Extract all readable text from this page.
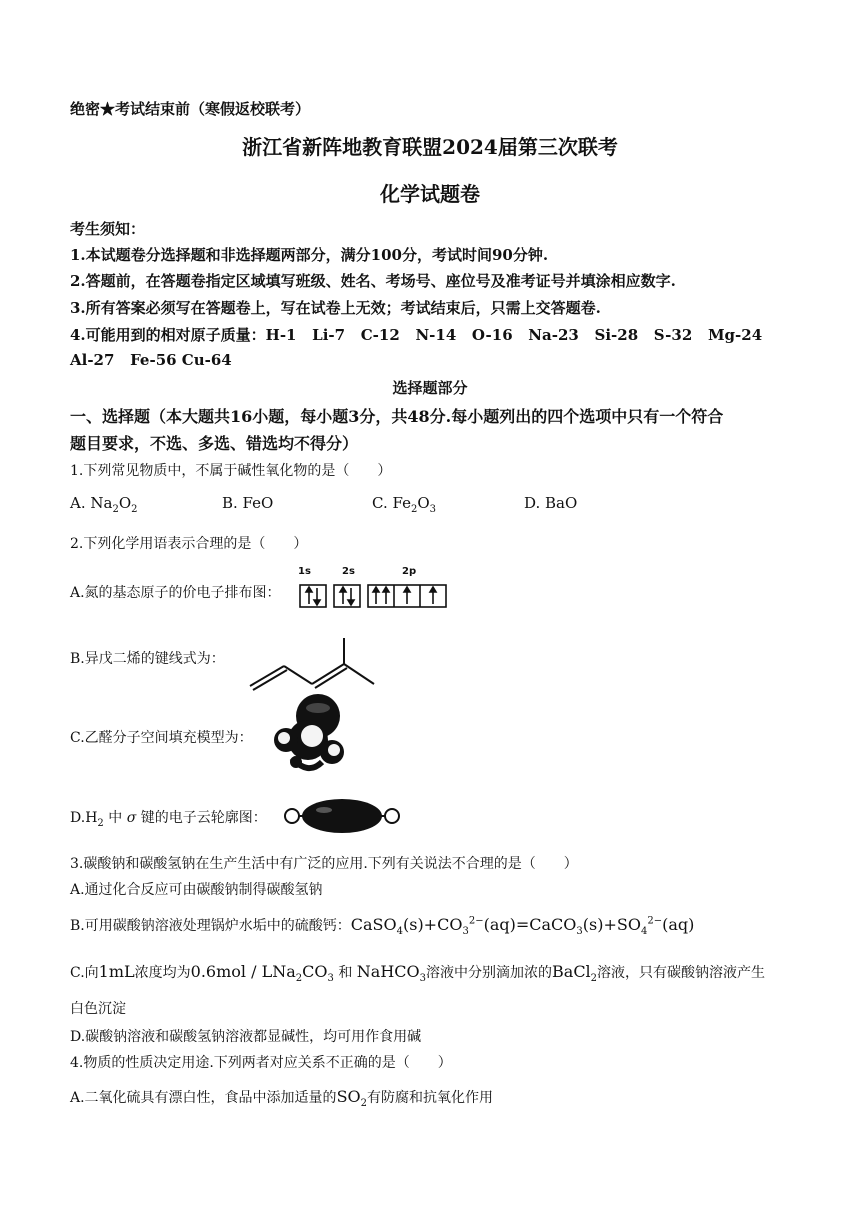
绝密★考试结束前（寒假返校联考）
浙江省新阵地教育联盟2024届第三次联考
化学试题卷
考生须知：
1.本试题卷分选择题和非选择题两部分，满分100分，考试时间90分钟.
2.答题前，在答题卷指定区域填写班级、姓名、考场号、座位号及准考证号并填涂相应数字.
3.所有答案必须写在答题卷上，写在试卷上无效；考试结束后，只需上交答题卷.
4.可能用到的相对原子质量：H-1   Li-7   C-12   N-14   O-16   Na-23   Si-28   S-32   Mg-24
Al-27   Fe-56 Cu-64
选择题部分
一、选择题（本大题共16小题，每小题3分，共48分.每小题列出的四个选项中只有一个符合
题目要求，不选、多选、错选均不得分）
1.下列常见物质中，不属于碱性氧化物的是（　　）
A. $Na_2O_2$	B. FeO	C. $Fe_2O_3$	D. BaO
2.下列化学用语表示合理的是（　　）
A.氮的基态原子的价电子排布图：
1s	2s	2p
B.异戊二烯的键线式为：
C.乙醛分子空间填充模型为：
$D.H_2$ 中 σ 键的电子云轮廓图：
3.碳酸钠和碳酸氢钠在生产生活中有广泛的应用.下列有关说法不合理的是（　　）
A.通过化合反应可由碳酸钠制得碳酸氢钠
B.可用碳酸钠溶液处理锅炉水垢中的硫酸钙：$CaSO_4(s)+CO_3^{2-}(aq)=CaCO_3(s)+SO_4^{2-}(aq)$
C.向1mL浓度均为$0.6mol / LNa_2CO_3$ 和 NaHCO$_3$溶液中分别滴加浓的BaCl$_2$溶液，只有碳酸钠溶液产生
白色沉淀
D.碳酸钠溶液和碳酸氢钠溶液都显碱性，均可用作食用碱
4.物质的性质决定用途.下列两者对应关系不正确的是（　　）
A.二氧化硫具有漂白性，食品中添加适量的$SO_2$有防腐和抗氧化作用
